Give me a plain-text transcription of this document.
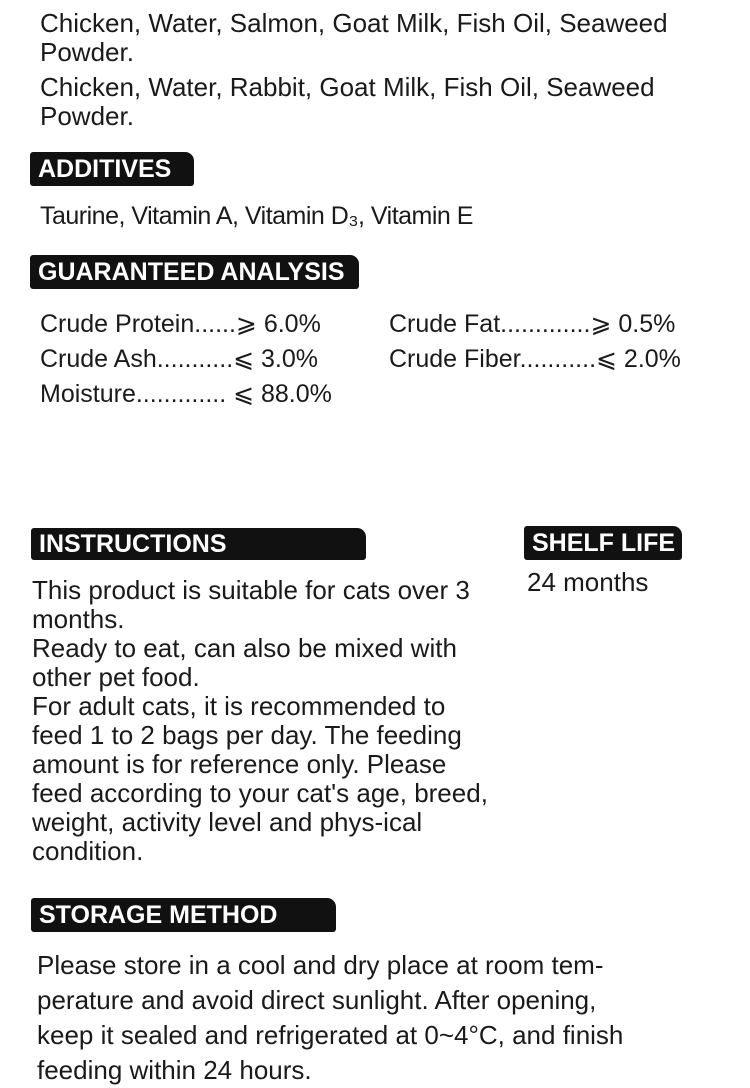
Chicken, Water, Salmon, Goat Milk, Fish Oil, Seaweed Powder.
Chicken, Water, Rabbit, Goat Milk, Fish Oil, Seaweed Powder.
ADDITIVES
Taurine, Vitamin A, Vitamin D₃, Vitamin E
GUARANTEED ANALYSIS
Crude Protein......⩾ 6.0%	Crude Fat.............⩾ 0.5%
Crude Ash...........⩽ 3.0%	Crude Fiber...........⩽ 2.0%
Moisture............. ⩽ 88.0%
INSTRUCTIONS
This product is suitable for cats over 3 months.
Ready to eat, can also be mixed with other pet food.
For adult cats, it is recommended to feed 1 to 2 bags per day. The feeding amount is for reference only. Please feed according to your cat's age, breed, weight, activity level and phys-ical condition.
SHELF LIFE
24 months
STORAGE METHOD
Please store in a cool and dry place at room tem-perature and avoid direct sunlight. After opening, keep it sealed and refrigerated at 0~4°C, and finish feeding within 24 hours.
